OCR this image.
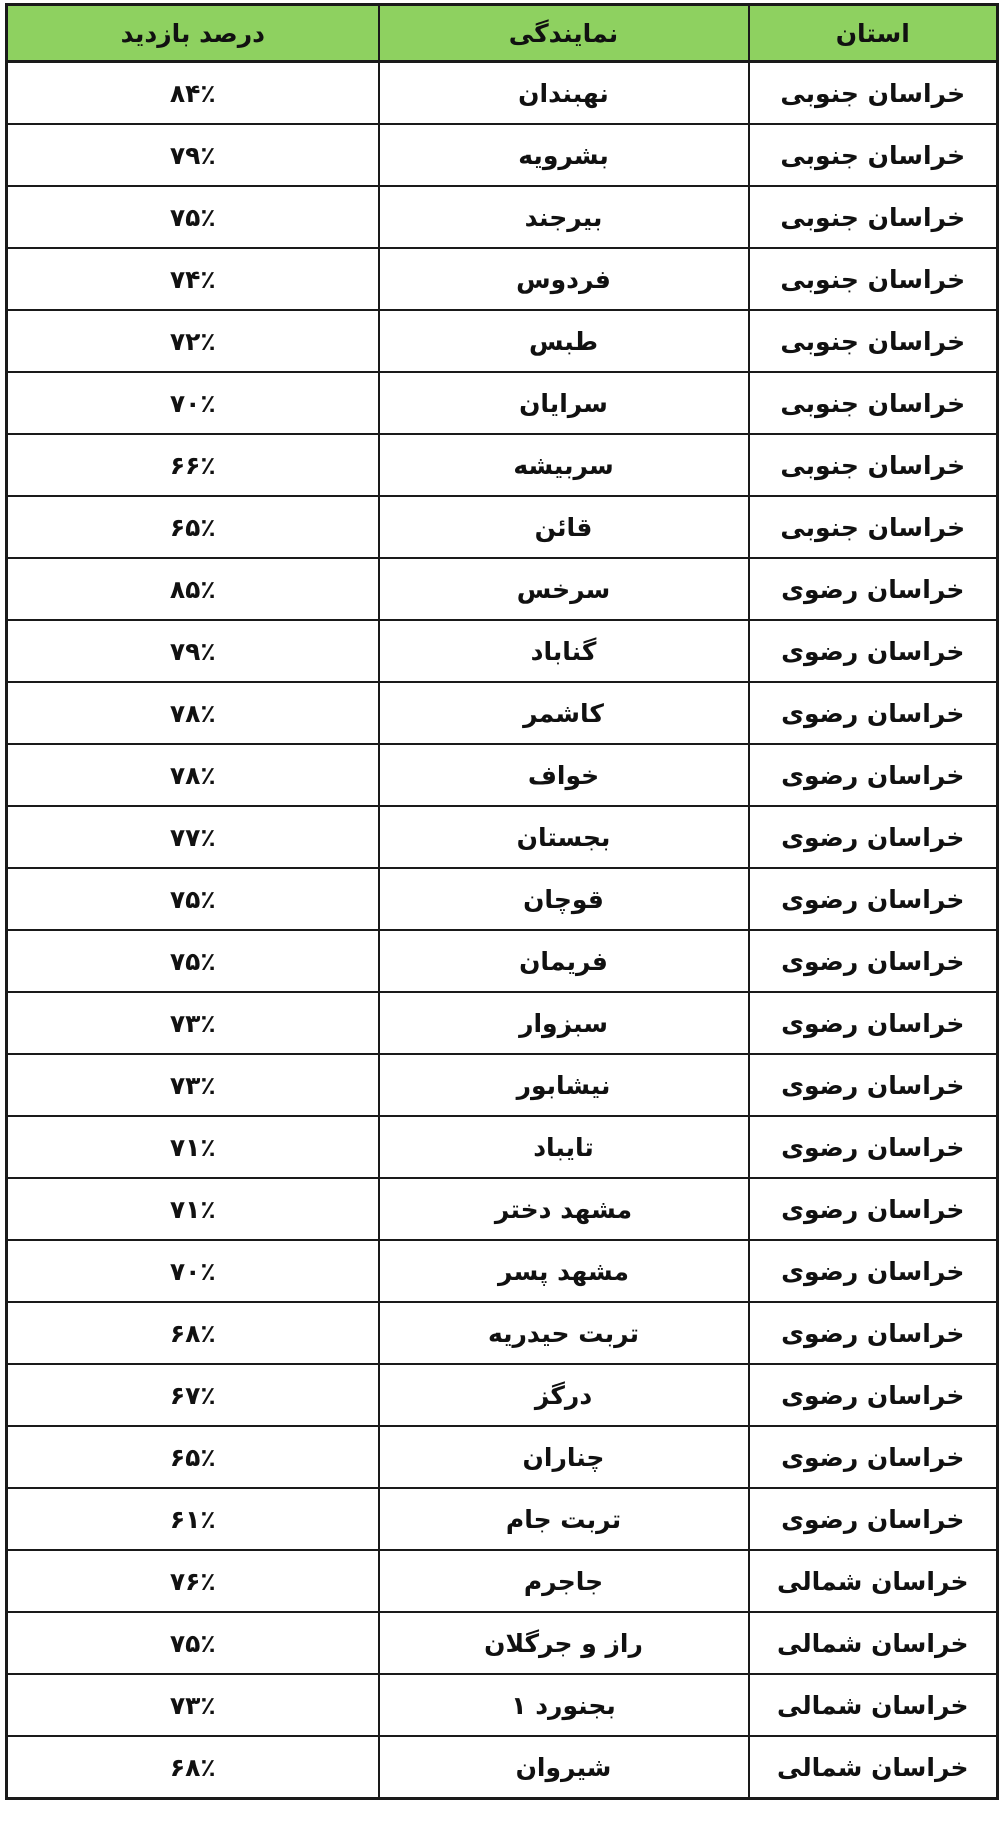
استان	نمایندگی	درصد بازدید
خراسان جنوبی	نهبندان	۸۴٪
خراسان جنوبی	بشرویه	۷۹٪
خراسان جنوبی	بیرجند	۷۵٪
خراسان جنوبی	فردوس	۷۴٪
خراسان جنوبی	طبس	۷۲٪
خراسان جنوبی	سرایان	۷۰٪
خراسان جنوبی	سربیشه	۶۶٪
خراسان جنوبی	قائن	۶۵٪
خراسان رضوی	سرخس	۸۵٪
خراسان رضوی	گناباد	۷۹٪
خراسان رضوی	کاشمر	۷۸٪
خراسان رضوی	خواف	۷۸٪
خراسان رضوی	بجستان	۷۷٪
خراسان رضوی	قوچان	۷۵٪
خراسان رضوی	فریمان	۷۵٪
خراسان رضوی	سبزوار	۷۳٪
خراسان رضوی	نیشابور	۷۳٪
خراسان رضوی	تایباد	۷۱٪
خراسان رضوی	مشهد دختر	۷۱٪
خراسان رضوی	مشهد پسر	۷۰٪
خراسان رضوی	تربت حیدریه	۶۸٪
خراسان رضوی	درگز	۶۷٪
خراسان رضوی	چناران	۶۵٪
خراسان رضوی	تربت جام	۶۱٪
خراسان شمالی	جاجرم	۷۶٪
خراسان شمالی	راز و جرگلان	۷۵٪
خراسان شمالی	بجنورد ۱	۷۳٪
خراسان شمالی	شیروان	۶۸٪
